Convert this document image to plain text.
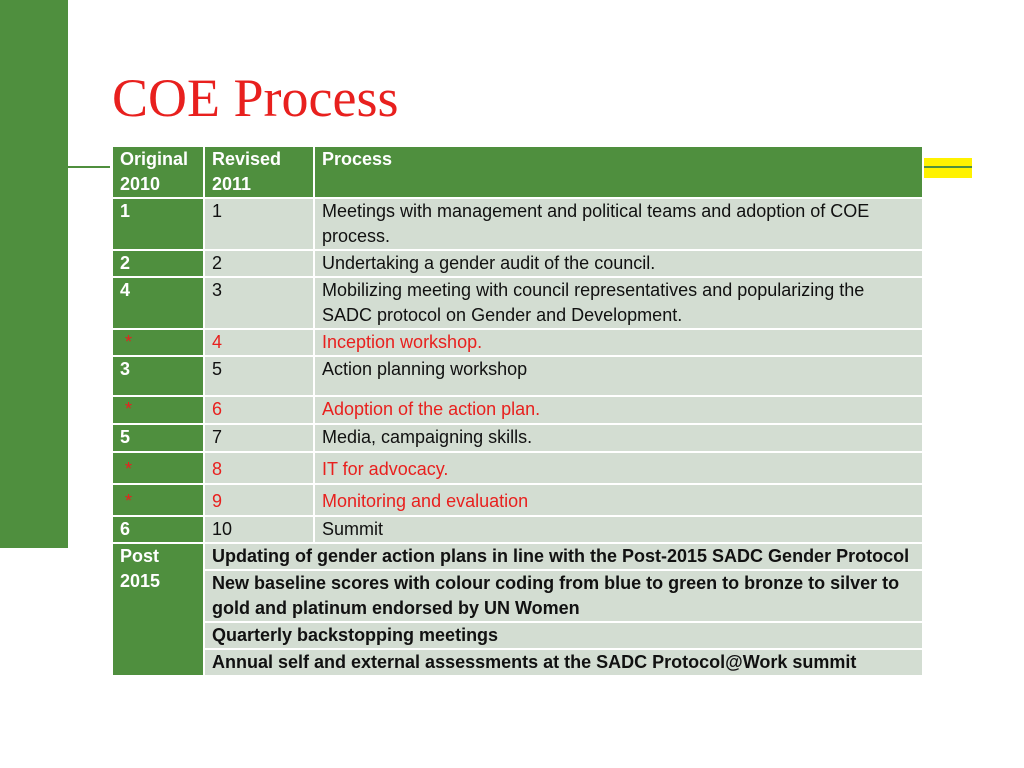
COE Process
Original 2010	Revised 2011	Process
1	1	Meetings with management and political teams and adoption of COE process.
2	2	Undertaking a gender audit of the council.
4	3	Mobilizing meeting with council representatives and popularizing the SADC protocol on Gender and Development.
*	4	Inception workshop.
3	5	Action planning workshop
*	6	Adoption of the action plan.
5	7	Media, campaigning skills.
*	8	IT for advocacy.
*	9	Monitoring and evaluation
6	10	Summit
Post 2015	Updating of gender action plans in line with the Post-2015 SADC Gender Protocol	
	New baseline scores with colour coding from blue to green to bronze to silver to gold and platinum endorsed by UN Women	
	Quarterly backstopping meetings	
	Annual self and external assessments at the SADC Protocol@Work summit	
